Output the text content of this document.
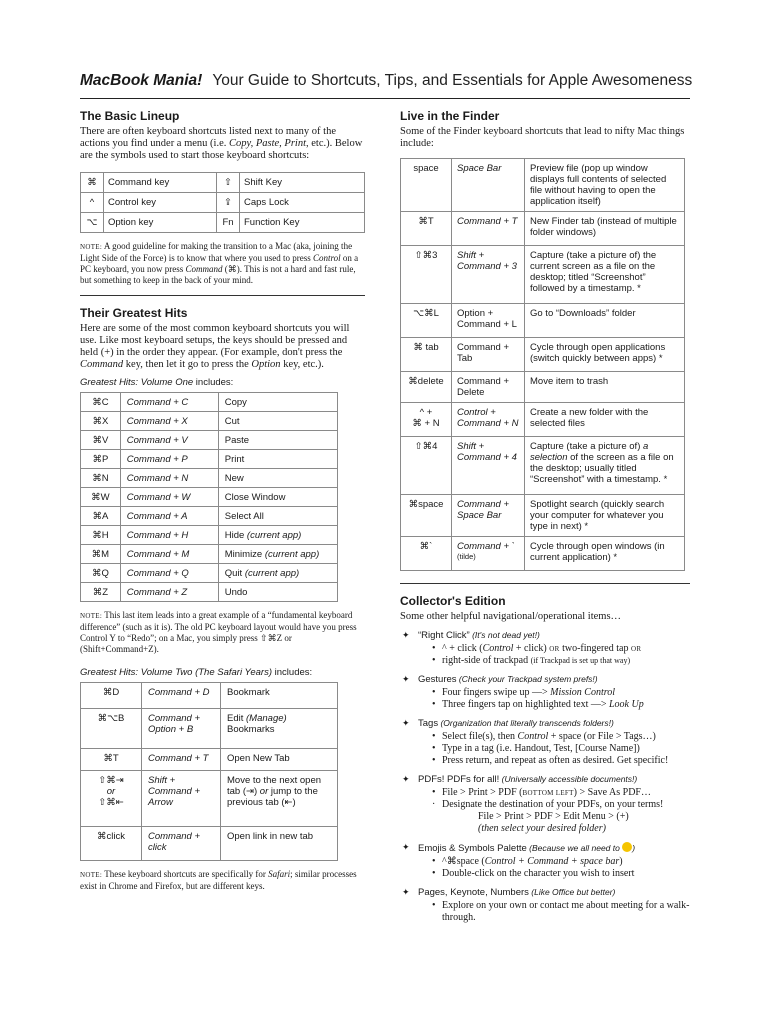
MacBook Mania! Your Guide to Shortcuts, Tips, and Essentials for Apple Awesomeness
The Basic Lineup

There are often keyboard shortcuts listed next to many of the actions you find under a menu (i.e. Copy, Paste, Print, etc.). Below are the symbols used to start those keyboard shortcuts:

⌘	Command key	⇧	Shift Key
^	Control key	⇪	Caps Lock
⌥	Option key	Fn	Function Key

NOTE: A good guideline for making the transition to a Mac (aka, joining the Light Side of the Force) is to know that where you used to press Control on a PC keyboard, you now press Command (⌘). This is not a hard and fast rule, but something to keep in the back of your mind.

Their Greatest Hits

Here are some of the most common keyboard shortcuts you will use. Like most keyboard setups, the keys should be pressed and held (+) in the order they appear. (For example, don't press the Command key, then let it go to press the Option key, etc.).

Greatest Hits: Volume One includes:
⌘C	Command + C	Copy
⌘X	Command + X	Cut
⌘V	Command + V	Paste
⌘P	Command + P	Print
⌘N	Command + N	New
⌘W	Command + W	Close Window
⌘A	Command + A	Select All
⌘H	Command + H	Hide (current app)
⌘M	Command + M	Minimize (current app)
⌘Q	Command + Q	Quit (current app)
⌘Z	Command + Z	Undo

NOTE: This last item leads into a great example of a “fundamental keyboard difference” (such as it is). The old PC keyboard layout would have you press Control Y to “Redo”; on a Mac, you simply press ⇧⌘Z or (Shift+Command+Z).

Greatest Hits: Volume Two (The Safari Years) includes:
⌘D	Command + D	Bookmark
⌘⌥B	Command + Option + B	Edit (Manage) Bookmarks
⌘T	Command + T	Open New Tab

⇧⌘⇥
or
⇧⌘⇤	Shift + Command + Arrow	Move to the next open tab (⇥) or jump to the previous tab (⇤)
⌘click	Command + click	Open link in new tab

NOTE: These keyboard shortcuts are specifically for Safari; similar processes exist in Chrome and Firefox, but are different keys.

Live in the Finder

Some of the Finder keyboard shortcuts that lead to nifty Mac things include:

space	Space Bar	Preview file (pop up window displays full contents of selected file without having to open the application itself)
⌘T	Command + T	New Finder tab (instead of multiple folder windows)
⇧⌘3	Shift + Command + 3	Capture (take a picture of) the current screen as a file on the desktop; titled “Screenshot” followed by a timestamp. *
⌥⌘L	Option + Command + L	Go to “Downloads” folder
⌘ tab	Command + Tab	Cycle through open applications (switch quickly between apps) *
⌘delete	Command + Delete	Move item to trash

^ +
⌘ + N	Control + Command + N	Create a new folder with the selected files
⇧⌘4	Shift + Command + 4	Capture (take a picture of) a selection of the screen as a file on the desktop; usually titled “Screenshot” with a timestamp. *
⌘space	Command + Space Bar	Spotlight search (quickly search your computer for whatever you type in next) *
⌘`	Command + `
(tilde)	Cycle through open windows (in current application) *
Collector's Edition

Some other helpful navigational/operational items…

✦ “Right Click” (It's not dead yet!)
• ^ + click (Control + click) OR two-fingered tap OR
• right-side of trackpad (if Trackpad is set up that way)
✦ Gestures (Check your Trackpad system prefs!)
• Four fingers swipe up —> Mission Control
• Three fingers tap on highlighted text —> Look Up
✦ Tags (Organization that literally transcends folders!)
• Select file(s), then Control + space (or File > Tags…)
• Type in a tag (i.e. Handout, Test, [Course Name])
• Press return, and repeat as often as desired. Get specific!
✦ PDFs! PDFs for all! (Universally accessible documents!)
• File > Print > PDF (BOTTOM LEFT) > Save As PDF…
· Designate the destination of your PDFs, on your terms!
File > Print > PDF > Edit Menu > (+)
(then select your desired folder)
✦ Emojis & Symbols Palette (Because we all need to )
• ^⌘space (Control + Command + space bar)
• Double-click on the character you wish to insert
✦ Pages, Keynote, Numbers (Like Office but better)
• Explore on your own or contact me about meeting for a walk-through.
